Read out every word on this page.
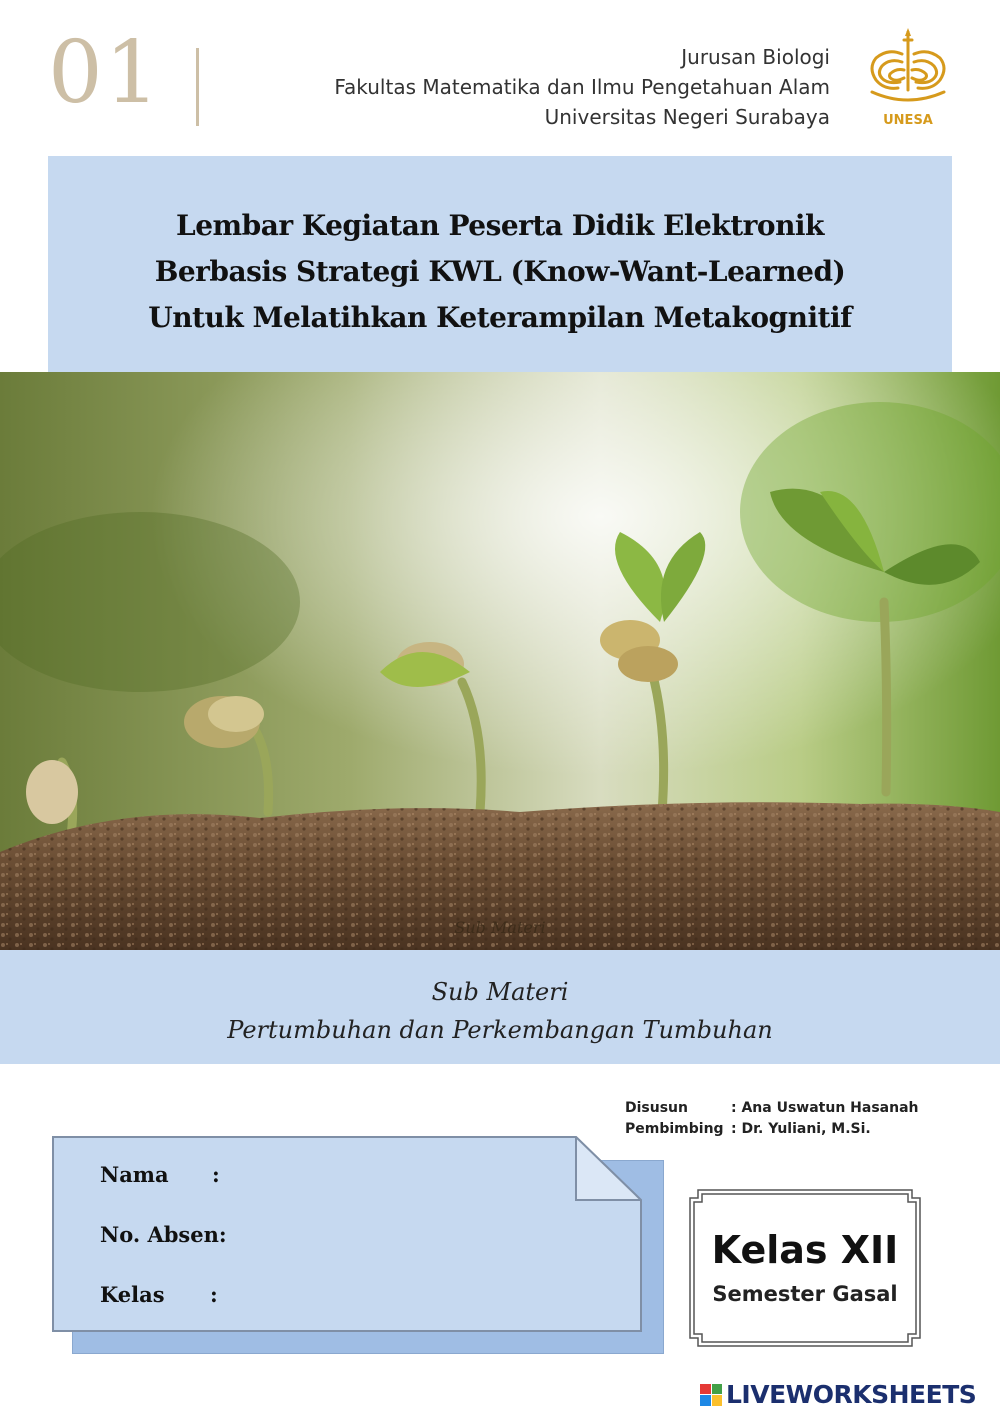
01	Jurusan Biologi
Fakultas Matematika dan Ilmu Pengetahuan Alam
Universitas Negeri Surabaya	UNESA
Lembar Kegiatan Peserta Didik Elektronik
Berbasis Strategi KWL (Know-Want-Learned)
Untuk Melatihkan Keterampilan Metakognitif
Sub Materi
Sub Materi
Pertumbuhan dan Perkembangan Tumbuhan
Disusun	: Ana Uswatun Hasanah
Pembimbing : Dr. Yuliani, M.Si.
Nama :
No. Absen:
Kelas :
Kelas XII
Semester Gasal
LIVEWORKSHEETS
